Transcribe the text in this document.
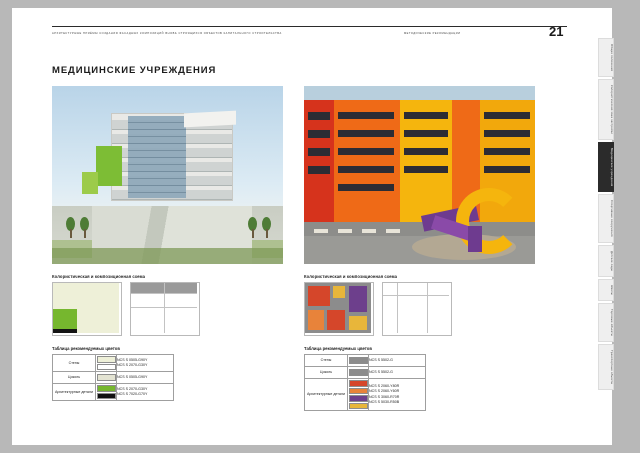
АРХИТЕКТУРНЫЕ ПРИЁМЫ СОЗДАНИЯ ФАСАДНЫХ КОМПОЗИЦИЙ ВНОВЬ СТРОЯЩИХСЯ ОБЪЕКТОВ КАПИТАЛЬНОГО СТРОИТЕЛЬСТВА	МЕТОДИЧЕСКИЕ РЕКОМЕНДАЦИИ	21
МЕДИЦИНСКИЕ УЧРЕЖДЕНИЯ
Колористическая и композиционная схема
Таблица рекомендуемых цветов
Стены		NCS S 0505-G90Y
NCS S 2070-G30Y

Цоколь		NCS S 0505-G90Y

Архитектурные детали		NCS S 2070-G30Y
NCS S 7020-G70Y
Колористическая и композиционная схема
Таблица рекомендуемых цветов
Стены		NCS S 5502-G

Цоколь		NCS S 5502-G

Архитектурные детали		NCS S 2060-Y80R
NCS S 2060-Y60R
NCS S 3060-R70R
NCS S 5030-R50B
Общие положения
Колористическая зона застройки
Медицинские учреждения
Спортивные сооружения
Детские сады
Школы
Торговые объекты
Транспортные объекты
